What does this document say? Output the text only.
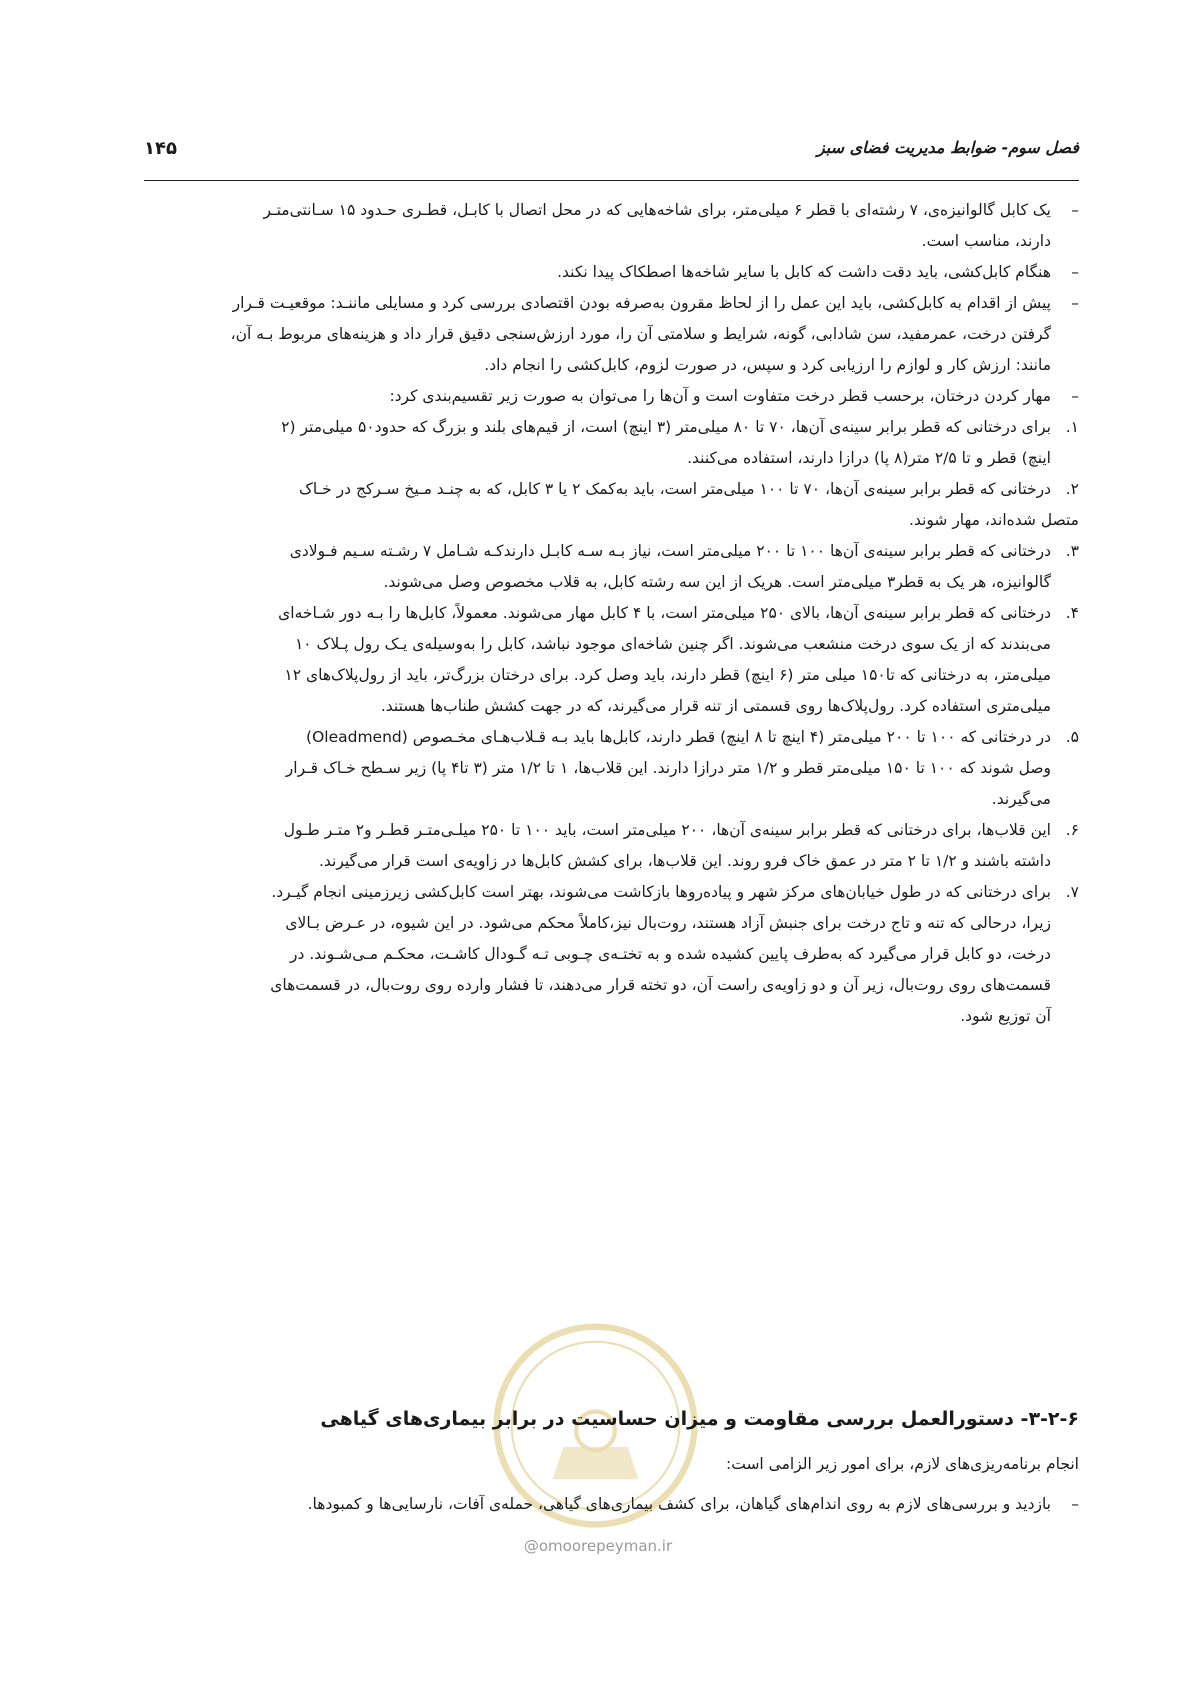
فصل سوم- ضوابط مدیریت فضای سبز
۱۴۵
–

یک کابل گالوانیزه‌ی، ۷ رشته‌ای با قطر ۶ میلی‌متر، برای شاخه‌هایی که در محل اتصال با کابـل، قطـری حـدود ۱۵ سـانتی‌متـر

دارند، مناسب است.

–

هنگام کابل‌کشی، باید دقت داشت که کابل با سایر شاخه‌ها اصطکاک پیدا نکند.

–

پیش از اقدام به کابل‌کشی، باید این عمل را از لحاظ مقرون به‌صرفه بودن اقتصادی بررسی کرد و مسایلی ماننـد: موقعیـت قـرار

گرفتن درخت، عمرمفید، سن شادابی، گونه، شرایط و سلامتی آن را، مورد ارزش‌سنجی دقیق قرار داد و هزینه‌های مربوط بـه آن،

مانند: ارزش کار و لوازم را ارزیابی کرد و سپس، در صورت لزوم، کابل‌کشی را انجام داد.

–

مهار کردن درختان، برحسب قطر درخت متفاوت است و آن‌ها را می‌توان به صورت زیر تقسیم‌بندی کرد:

۱.

برای درختانی که قطر برابر سینه‌ی آن‌ها، ۷۰ تا ۸۰ میلی‌متر (۳ اینچ) است، از قیم‌های بلند و بزرگ که حدود۵۰ میلی‌متر (۲

اینچ) قطر و تا ۲/۵ متر(۸ پا) درازا دارند، استفاده می‌کنند.

۲.درختانی که قطر برابر سینه‌ی آن‌ها، ۷۰ تا ۱۰۰ میلی‌متر است، باید به‌کمک ۲ یا ۳ کابل، که به چنـد مـیخ سـرکج در خـاک

متصل شده‌اند، مهار شوند.

۳.

درختانی که قطر برابر سینه‌ی آن‌ها ۱۰۰ تا ۲۰۰ میلی‌متر است، نیاز بـه سـه کابـل دارندکـه شـامل ۷ رشـته سـیم فـولادی

گالوانیزه، هر یک به قطر۳ میلی‌متر است. هریک از این سه رشته کابل، به قلاب مخصوص وصل می‌شوند.

۴.

درختانی که قطر برابر سینه‌ی آن‌ها، بالای ۲۵۰ میلی‌متر است، با ۴ کابل مهار می‌شوند. معمولاً، کابل‌ها را بـه دور شـاخه‌ای

می‌بندند که از یک سوی درخت منشعب می‌شوند. اگر چنین شاخه‌ای موجود نباشد، کابل را به‌وسیله‌ی یـک رول پـلاک ۱۰

میلی‌متر، به درختانی که تا۱۵۰ میلی متر (۶ اینچ) قطر دارند، باید وصل کرد. برای درختان بزرگ‌تر، باید از رول‌پلاک‌های ۱۲

میلی‌متری استفاده کرد. رول‌پلاک‌ها روی قسمتی از تنه قرار می‌گیرند، که در جهت کشش طناب‌ها هستند.

۵.

در درختانی که ۱۰۰ تا ۲۰۰ میلی‌متر (۴ اینچ تا ۸ اینچ) قطر دارند، کابل‌ها باید بـه قـلاب‌هـای مخـصوص (Oleadmend)

وصل شوند که ۱۰۰ تا ۱۵۰ میلی‌متر قطر و ۱/۲ متر درازا دارند. این قلاب‌ها، ۱ تا ۱/۲ متر (۳ تا۴ پا) زیر سـطح خـاک قـرار

می‌گیرند.

۶.

این قلاب‌ها، برای درختانی که قطر برابر سینه‌ی آن‌ها، ۲۰۰ میلی‌متر است، باید ۱۰۰ تا ۲۵۰ میلـی‌متـر قطـر و۲ متـر طـول

داشته باشند و ۱/۲ تا ۲ متر در عمق خاک فرو روند. این قلاب‌ها، برای کشش کابل‌ها در زاویه‌ی است قرار می‌گیرند.

۷.

برای درختانی که در طول خیابان‌های مرکز شهر و پیاده‌روها بازکاشت می‌شوند، بهتر است کابل‌کشی زیرزمینی انجام گیـرد.

زیرا، درحالی که تنه و تاج درخت برای جنبش آزاد هستند، روت‌بال نیز،کاملاً محکم می‌شود. در این شیوه، در عـرض بـالای

درخت، دو کابل قرار می‌گیرد که به‌طرف پایین کشیده شده و به تختـه‌ی چـوبی تـه گـودال کاشـت، محکـم مـی‌شـوند. در

قسمت‌های روی روت‌بال، زیر آن و دو زاویه‌ی راست آن، دو تخته قرار می‌دهند، تا فشار وارده روی روت‌بال، در قسمت‌های

آن توزیع شود.

@omoorepeyman.ir
۳-۲-۶- دستورالعمل بررسی مقاومت و میزان حساسیت در برابر بیماری‌های گیاهی
انجام برنامه‌ریزی‌های لازم، برای امور زیر الزامی است:
–بازدید و بررسی‌های لازم به روی اندام‌های گیاهان، برای کشف بیماری‌های گیاهی، حمله‌ی آفات، نارسایی‌ها و کمبودها.
